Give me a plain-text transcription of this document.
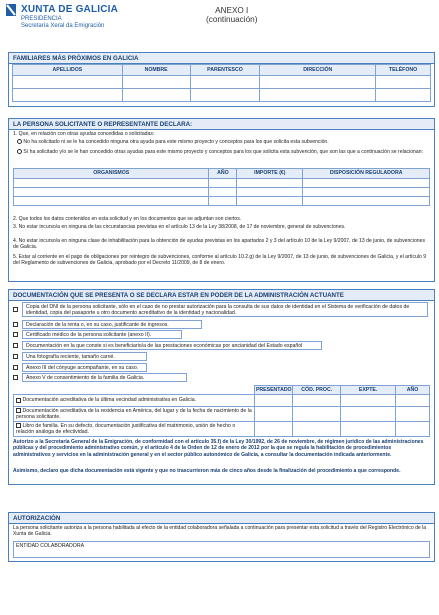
XUNTA DE GALICIA
PRESIDENCIA
Secretaría Xeral da Emigración
ANEXO I
(continuación)
FAMILIARES MÁS PRÓXIMOS EN GALICIA
APELLIDOS	NOMBRE	PARENTESCO	DIRECCIÓN	TELÉFONO

LA PERSONA SOLICITANTE O REPRESENTANTE DECLARA:
1. Que, en relación con otras ayudas concedidas o solicitadas:
No ha solicitado ni se le ha concedido ninguna otra ayuda para este mismo proyecto y conceptos para los que solicita esta subvención.
Sí ha solicitado y/o se le han concedido otras ayudas para este mismo proyecto y conceptos para los que solicita esta subvención, que son las que a continuación se relacionan:
ORGANISMOS	AÑO	IMPORTE (€)	DISPOSICIÓN REGULADORA

2. Que todos los datos contenidos en esta solicitud y en los documentos que se adjuntan son ciertos.
3. No estar incurso/a en ninguna de las circunstancias previstas en el artículo 13 de la Ley 38/2008, de 17 de noviembre, general de subvenciones.
4. No estar incurso/a en ninguna clase de inhabilitación para la obtención de ayudas previstas en los apartados 2 y 3 del artículo 10 de la Ley 9/2007, de 13 de junio, de subvenciones de Galicia.
5. Estar al corriente en el pago de obligaciones por reintegro de subvenciones, conforme al artículo 10.2.g) de la Ley 9/2007, de 13 de junio, de subvenciones de Galicia, y el artículo 9 del Reglamento de subvenciones de Galicia, aprobado por el Decreto 11/2009, de 8 de enero.
DOCUMENTACIÓN QUE SE PRESENTA O SE DECLARA ESTAR EN PODER DE LA ADMINISTRACIÓN ACTUANTE
Copia del DNI de la persona solicitante, sólo en el caso de no prestar autorización para la consulta de sus datos de identidad en el Sistema de verificación de datos de identidad, copia del pasaporte u otro documento acreditativo de la identidad y nacionalidad.
Declaración de la renta o, en su caso, justificante de ingresos.
Certificado médico de la persona solicitante (anexo II).
Documentación en la que conste si es beneficiario/a de las prestaciones económicas por ancianidad del Estado español
Una fotografía reciente, tamaño carné.
Anexo III del cónyuge acompañante, en su caso.
Anexo V de consentimiento de la familia de Galicia.
	PRESENTADO	CÓD. PROC.	EXPTE.	AÑO
Documentación acreditativa de la última vecindad administrativa en Galicia.				
Documentación acreditativa de la residencia en América, del lugar y de la fecha de nacimiento de la persona solicitante.				
Libro de familia. En su defecto, documentación justificativa del matrimonio, unión de hecho o relación análoga de efectividad.				
Autorizo a la Secretaría General de la Emigración, de conformidad con el artículo 35.f) de la Ley 30/1992, de 26 de noviembre, de régimen jurídico de las administraciones públicas y del procedimiento administrativo común, y el artículo 4 de la Orden de 12 de enero de 2012 por la que se regula la habilitación de procedimientos administrativos y servicios en la administración general y en el sector público autonómico de Galicia, a consultar la documentación indicada anteriormente.
Asimismo, declaro que dicha documentación está vigente y que no trascurrieron más de cinco años desde la finalización del procedimiento a que corresponde.
AUTORIZACIÓN
La persona solicitante autoriza a la persona habilitada al efecto de la entidad colaboradora señalada a continuación para presentar esta solicitud a través del Registro Electrónico de la Xunta de Galicia.
ENTIDAD COLABORADORA
